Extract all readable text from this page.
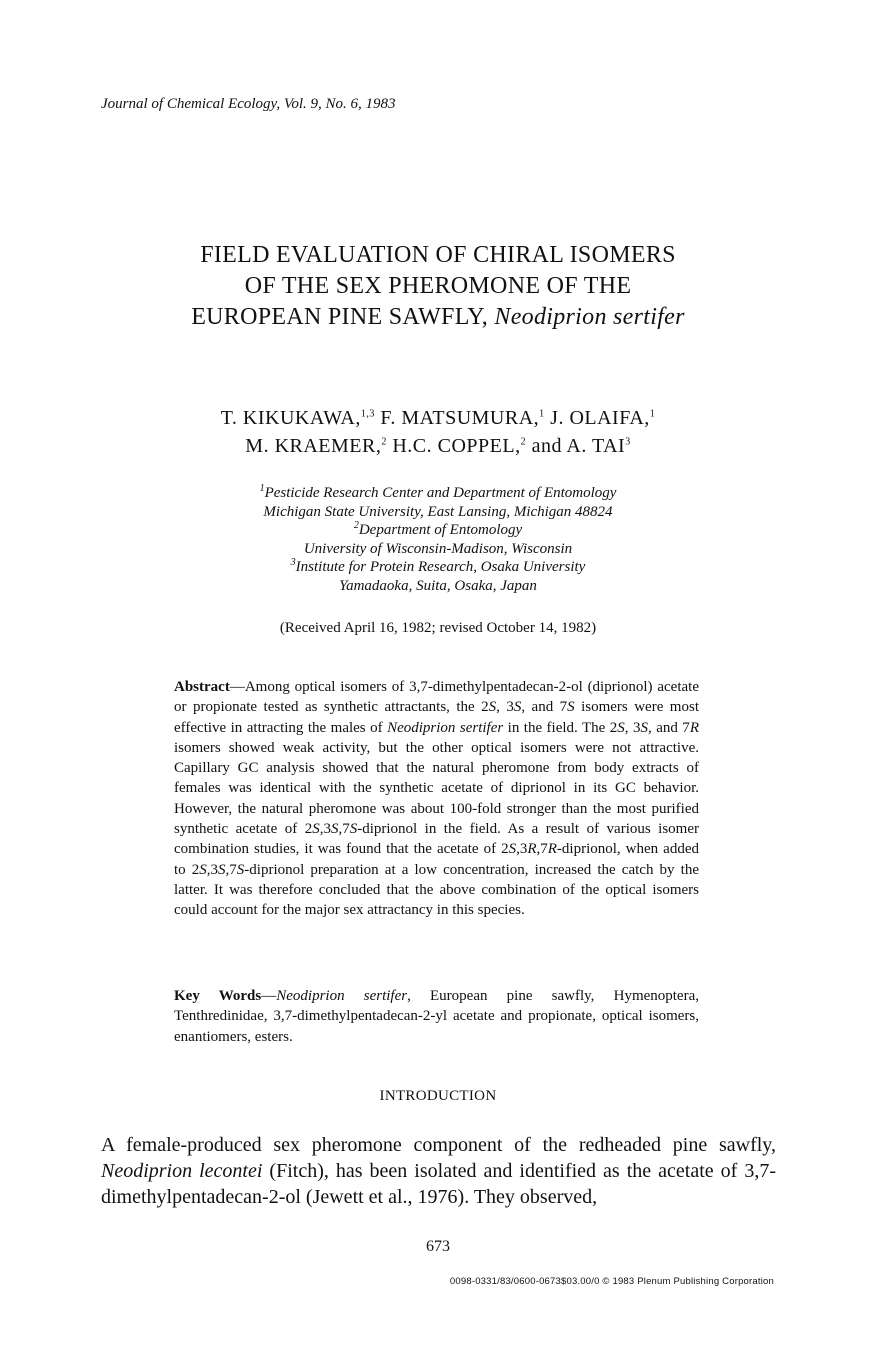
Journal of Chemical Ecology, Vol. 9, No. 6, 1983
FIELD EVALUATION OF CHIRAL ISOMERS
OF THE SEX PHEROMONE OF THE
EUROPEAN PINE SAWFLY, Neodiprion sertifer
T. KIKUKAWA,$^{1,3}$ F. MATSUMURA,$^1$ J. OLAIFA,$^1$
M. KRAEMER,$^2$ H.C. COPPEL,$^2$ and A. TAI$^3$
$^1$Pesticide Research Center and Department of Entomology
Michigan State University, East Lansing, Michigan 48824
$^2$Department of Entomology
University of Wisconsin-Madison, Wisconsin
$^3$Institute for Protein Research, Osaka University
Yamadaoka, Suita, Osaka, Japan
(Received April 16, 1982; revised October 14, 1982)
Abstract—Among optical isomers of 3,7-dimethylpentadecan-2-ol (diprionol) acetate or propionate tested as synthetic attractants, the 2S, 3S, and 7S isomers were most effective in attracting the males of Neodiprion sertifer in the field. The 2S, 3S, and 7R isomers showed weak activity, but the other optical isomers were not attractive. Capillary GC analysis showed that the natural pheromone from body extracts of females was identical with the synthetic acetate of diprionol in its GC behavior. However, the natural pheromone was about 100-fold stronger than the most purified synthetic acetate of 2S,3S,7S-diprionol in the field. As a result of various isomer combination studies, it was found that the acetate of 2S,3R,7R-diprionol, when added to 2S,3S,7S-diprionol preparation at a low concentration, increased the catch by the latter. It was therefore concluded that the above combination of the optical isomers could account for the major sex attractancy in this species.
Key Words—Neodiprion sertifer, European pine sawfly, Hymenoptera, Tenthredinidae, 3,7-dimethylpentadecan-2-yl acetate and propionate, optical isomers, enantiomers, esters.
INTRODUCTION
A female-produced sex pheromone component of the redheaded pine sawfly, Neodiprion lecontei (Fitch), has been isolated and identified as the acetate of 3,7-dimethylpentadecan-2-ol (Jewett et al., 1976). They observed,
673
0098-0331/83/0600-0673$03.00/0 © 1983 Plenum Publishing Corporation
